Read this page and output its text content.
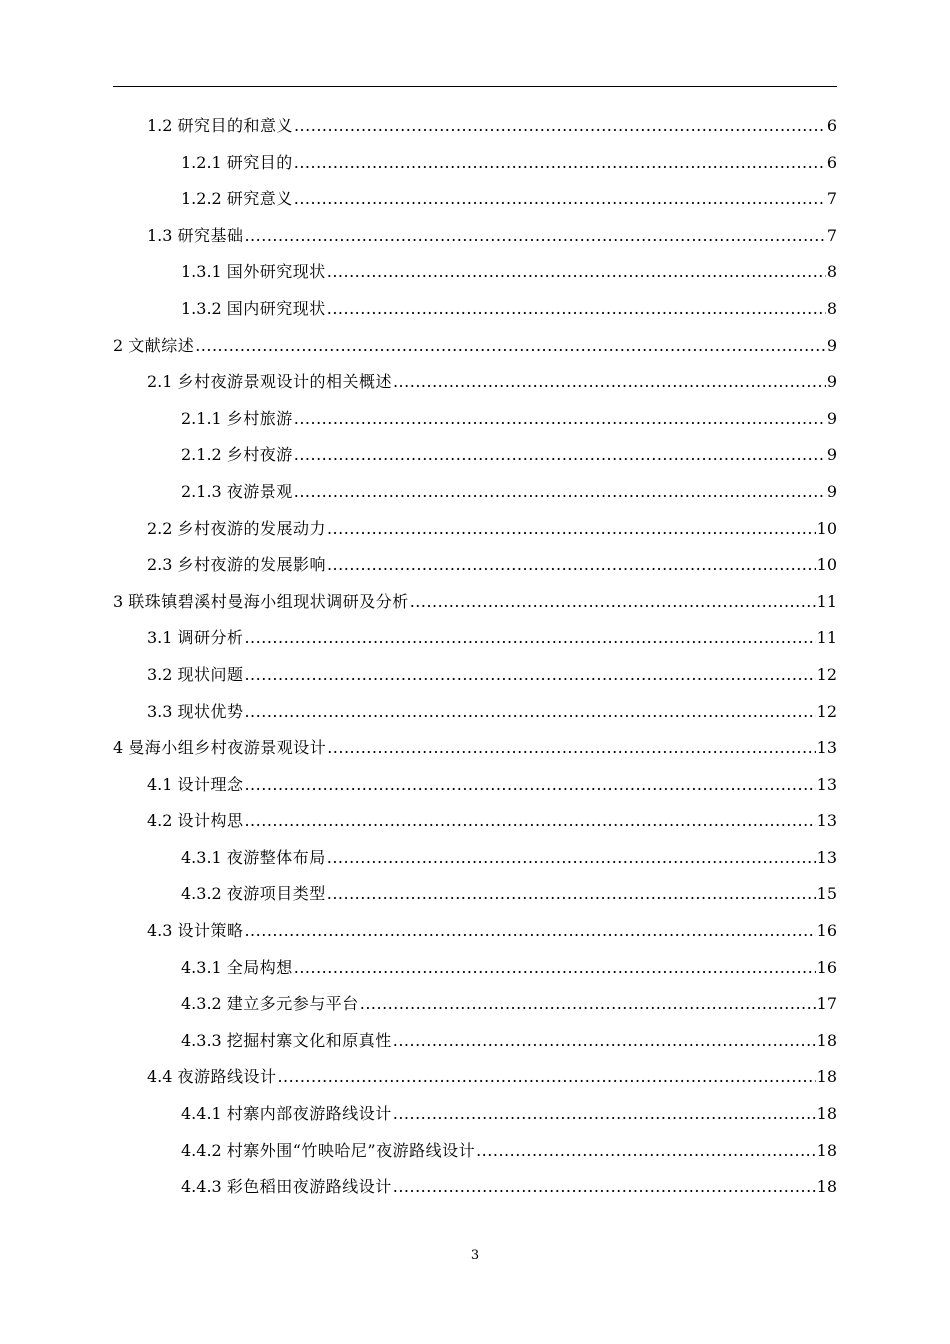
1.2 研究目的和意义 .....	6
1.2.1 研究目的 .....	6
1.2.2 研究意义 .....	7
1.3 研究基础 .....	7
1.3.1 国外研究现状 .....	8
1.3.2 国内研究现状 .....	8
2 文献综述 .....	9
2.1 乡村夜游景观设计的相关概述 .....	9
2.1.1 乡村旅游 .....	9
2.1.2 乡村夜游 .....	9
2.1.3 夜游景观 .....	9
2.2 乡村夜游的发展动力 .....	10
2.3 乡村夜游的发展影响 .....	10
3 联珠镇碧溪村曼海小组现状调研及分析 .....	11
3.1 调研分析 .....	11
3.2 现状问题 .....	12
3.3 现状优势 .....	12
4 曼海小组乡村夜游景观设计 .....	13
4.1 设计理念 .....	13
4.2 设计构思 .....	13
4.3.1 夜游整体布局 .....	13
4.3.2 夜游项目类型 .....	15
4.3 设计策略 .....	16
4.3.1 全局构想 .....	16
4.3.2 建立多元参与平台 .....	17
4.3.3 挖掘村寨文化和原真性 .....	18
4.4 夜游路线设计 .....	18
4.4.1 村寨内部夜游路线设计 .....	18
4.4.2 村寨外围“竹映哈尼”夜游路线设计 .....	18
4.4.3 彩色稻田夜游路线设计 .....	18
3
